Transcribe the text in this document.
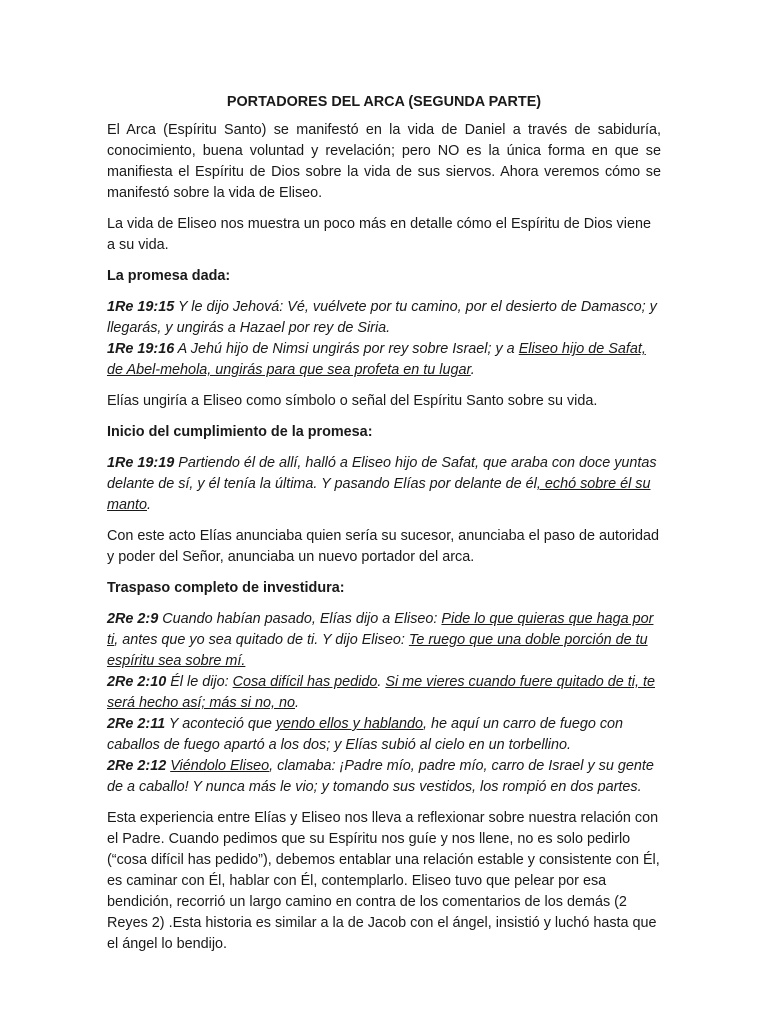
PORTADORES DEL ARCA (SEGUNDA PARTE)

El Arca (Espíritu Santo) se manifestó en la vida de Daniel a través de sabiduría, conocimiento, buena voluntad y revelación; pero NO es la única forma en que se manifiesta el Espíritu de Dios sobre la vida de sus siervos. Ahora veremos cómo se manifestó sobre la vida de Eliseo.

La vida de Eliseo nos muestra un poco más en detalle cómo el Espíritu de Dios viene a su vida.

La promesa dada:

1Re 19:15 Y le dijo Jehová: Vé, vuélvete por tu camino, por el desierto de Damasco; y llegarás, y ungirás a Hazael por rey de Siria.

1Re 19:16 A Jehú hijo de Nimsi ungirás por rey sobre Israel; y a Eliseo hijo de Safat, de Abel-mehola, ungirás para que sea profeta en tu lugar.

Elías ungiría a Eliseo como símbolo o señal del Espíritu Santo sobre su vida.

Inicio del cumplimiento de la promesa:

1Re 19:19 Partiendo él de allí, halló a Eliseo hijo de Safat, que araba con doce yuntas delante de sí, y él tenía la última. Y pasando Elías por delante de él, echó sobre él su manto.

Con este acto Elías anunciaba quien sería su sucesor, anunciaba el paso de autoridad y poder del Señor, anunciaba un nuevo portador del arca.

Traspaso completo de investidura:

2Re 2:9 Cuando habían pasado, Elías dijo a Eliseo: Pide lo que quieras que haga por ti, antes que yo sea quitado de ti. Y dijo Eliseo: Te ruego que una doble porción de tu espíritu sea sobre mí.

2Re 2:10 Él le dijo: Cosa difícil has pedido. Si me vieres cuando fuere quitado de ti, te será hecho así; más si no, no.

2Re 2:11 Y aconteció que yendo ellos y hablando, he aquí un carro de fuego con caballos de fuego apartó a los dos; y Elías subió al cielo en un torbellino.

2Re 2:12 Viéndolo Eliseo, clamaba: ¡Padre mío, padre mío, carro de Israel y su gente de a caballo! Y nunca más le vio; y tomando sus vestidos, los rompió en dos partes.

Esta experiencia entre Elías y Eliseo nos lleva a reflexionar sobre nuestra relación con el Padre. Cuando pedimos que su Espíritu nos guíe y nos llene, no es solo pedirlo (“cosa difícil has pedido”), debemos entablar una relación estable y consistente con Él, es caminar con Él, hablar con Él, contemplarlo. Eliseo tuvo que pelear por esa bendición, recorrió un largo camino en contra de los comentarios de los demás (2 Reyes 2) .Esta historia es similar a la de Jacob con el ángel, insistió y luchó hasta que el ángel lo bendijo.
